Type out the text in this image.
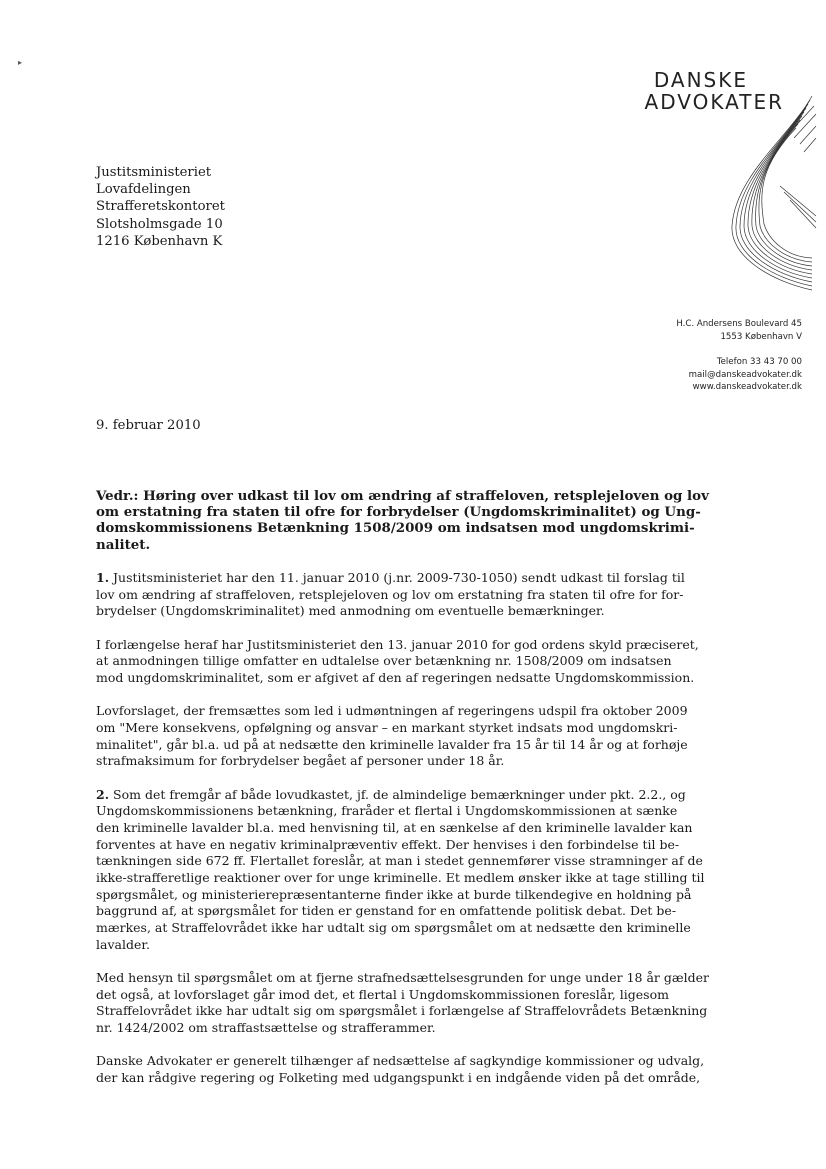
▸
DANSKE
ADVOKATER
Justitsministeriet
Lovafdelingen
Strafferetskontoret
Slotsholmsgade 10
1216 København K
H.C. Andersens Boulevard 45
1553 København V
Telefon 33 43 70 00
mail@danskeadvokater.dk
www.danskeadvokater.dk
9. februar 2010
Vedr.: Høring over udkast til lov om ændring af straffeloven, retsplejeloven og lov
om erstatning fra staten til ofre for forbrydelser (Ungdomskriminalitet) og Ung-
domskommissionens Betænkning 1508/2009 om indsatsen mod ungdomskrimi-
nalitet.
1. Justitsministeriet har den 11. januar 2010 (j.nr. 2009-730-1050) sendt udkast til forslag til
lov om ændring af straffeloven, retsplejeloven og lov om erstatning fra staten til ofre for for-
brydelser (Ungdomskriminalitet) med anmodning om eventuelle bemærkninger.
I forlængelse heraf har Justitsministeriet den 13. januar 2010 for god ordens skyld præciseret,
at anmodningen tillige omfatter en udtalelse over betænkning nr. 1508/2009 om indsatsen
mod ungdomskriminalitet, som er afgivet af den af regeringen nedsatte Ungdomskommission.
Lovforslaget, der fremsættes som led i udmøntningen af regeringens udspil fra oktober 2009
om "Mere konsekvens, opfølgning og ansvar – en markant styrket indsats mod ungdomskri-
minalitet", går bl.a. ud på at nedsætte den kriminelle lavalder fra 15 år til 14 år og at forhøje
strafmaksimum for forbrydelser begået af personer under 18 år.
2. Som det fremgår af både lovudkastet, jf. de almindelige bemærkninger under pkt. 2.2., og
Ungdomskommissionens betænkning, fraråder et flertal i Ungdomskommissionen at sænke
den kriminelle lavalder bl.a. med henvisning til, at en sænkelse af den kriminelle lavalder kan
forventes at have en negativ kriminalpræventiv effekt. Der henvises i den forbindelse til be-
tænkningen side 672 ff. Flertallet foreslår, at man i stedet gennemfører visse stramninger af de
ikke-strafferetlige reaktioner over for unge kriminelle. Et medlem ønsker ikke at tage stilling til
spørgsmålet, og ministerierepræsentanterne finder ikke at burde tilkendegive en holdning på
baggrund af, at spørgsmålet for tiden er genstand for en omfattende politisk debat. Det be-
mærkes, at Straffelovrådet ikke har udtalt sig om spørgsmålet om at nedsætte den kriminelle
lavalder.
Med hensyn til spørgsmålet om at fjerne strafnedsættelsesgrunden for unge under 18 år gælder
det også, at lovforslaget går imod det, et flertal i Ungdomskommissionen foreslår, ligesom
Straffelovrådet ikke har udtalt sig om spørgsmålet i forlængelse af Straffelovrådets Betænkning
nr. 1424/2002 om straffastsættelse og strafferammer.
Danske Advokater er generelt tilhænger af nedsættelse af sagkyndige kommissioner og udvalg,
der kan rådgive regering og Folketing med udgangspunkt i en indgående viden på det område,
